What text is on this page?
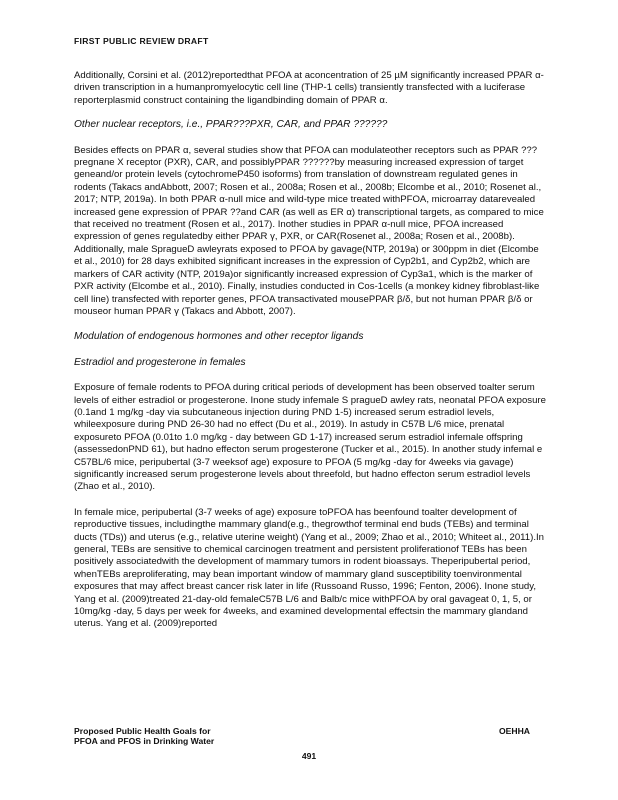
FIRST PUBLIC REVIEW DRAFT

Additionally, Corsini et al. (2012)reportedthat PFOA at aconcentration of 25 µM significantly increased PPAR α-driven transcription in a humanpromyelocytic cell line (THP-1 cells) transiently transfected with a luciferase reporterplasmid construct containing the ligandbinding domain of PPAR α.

Other nuclear receptors, i.e., PPAR???PXR, CAR, and PPAR ??????

Besides effects on PPAR α, several studies show that PFOA can modulateother receptors such as PPAR ???pregnane X receptor (PXR), CAR, and possiblyPPAR ??????by measuring increased expression of target geneand/or protein levels (cytochromeP450 isoforms) from translation of downstream regulated genes in rodents (Takacs andAbbott, 2007; Rosen et al., 2008a; Rosen et al., 2008b; Elcombe et al., 2010; Rosenet al., 2017; NTP, 2019a). In both PPAR α-null mice and wild-type mice treated withPFOA, microarray datarevealed increased gene expression of PPAR ??and CAR (as well as ER α) transcriptional targets, as compared to mice that received no treatment (Rosen et al., 2017). Inother studies in PPAR α-null mice, PFOA increased expression of genes regulatedby either PPAR γ, PXR, or CAR(Rosenet al., 2008a; Rosen et al., 2008b). Additionally, male SpragueD awleyrats exposed to PFOA by gavage(NTP, 2019a) or 300ppm in diet (Elcombe et al., 2010) for 28 days exhibited significant increases in the expression of Cyp2b1, and Cyp2b2, which are markers of CAR activity (NTP, 2019a)or significantly increased expression of Cyp3a1, which is the marker of PXR activity (Elcombe et al., 2010). Finally, instudies conducted in Cos-1cells (a monkey kidney fibroblast-like cell line) transfected with reporter genes, PFOA transactivated mousePPAR β/δ, but not human PPAR β/δ or mouseor human PPAR γ (Takacs and Abbott, 2007).

Modulation of endogenous hormones and other receptor ligands

Estradiol and progesterone in females

Exposure of female rodents to PFOA during critical periods of development has been observed toalter serum levels of either estradiol or progesterone. Inone study infemale S pragueD awley rats, neonatal PFOA exposure (0.1and 1 mg/kg -day via subcutaneous injection during PND 1-5) increased serum estradiol levels, whileexposure during PND 26-30 had no effect (Du et al., 2019). In astudy in C57B L/6 mice, prenatal exposureto PFOA (0.01to 1.0 mg/kg - day between GD 1-17) increased serum estradiol infemale offspring (assessedonPND 61), but hadno effecton serum progesterone (Tucker et al., 2015). In another study infemal e C57BL/6 mice, peripubertal (3-7 weeksof age) exposure to PFOA (5 mg/kg -day for 4weeks via gavage) significantly increased serum progesterone levels about threefold, but hadno effecton serum estradiol levels (Zhao et al., 2010).

In female mice, peripubertal (3-7 weeks of age) exposure toPFOA has beenfound toalter development of reproductive tissues, includingthe mammary gland(e.g., thegrowthof terminal end buds (TEBs) and terminal ducts (TDs)) and uterus (e.g., relative uterine weight) (Yang et al., 2009; Zhao et al., 2010; Whiteet al., 2011).In general, TEBs are sensitive to chemical carcinogen treatment and persistent proliferationof TEBs has been positively associatedwith the development of mammary tumors in rodent bioassays. Theperipubertal period, whenTEBs areproliferating, may bean important window of mammary gland susceptibility toenvironmental exposures that may affect breast cancer risk later in life (Russoand Russo, 1996; Fenton, 2006). Inone study, Yang et al. (2009)treated 21-day-old femaleC57B L/6 and Balb/c mice withPFOA by oral gavageat 0, 1, 5, or 10mg/kg -day, 5 days per week for 4weeks, and examined developmental effectsin the mammary glandand uterus. Yang et al. (2009)reported

Proposed Public Health Goals for
PFOA and PFOS in Drinking Water
OEHHA
491
